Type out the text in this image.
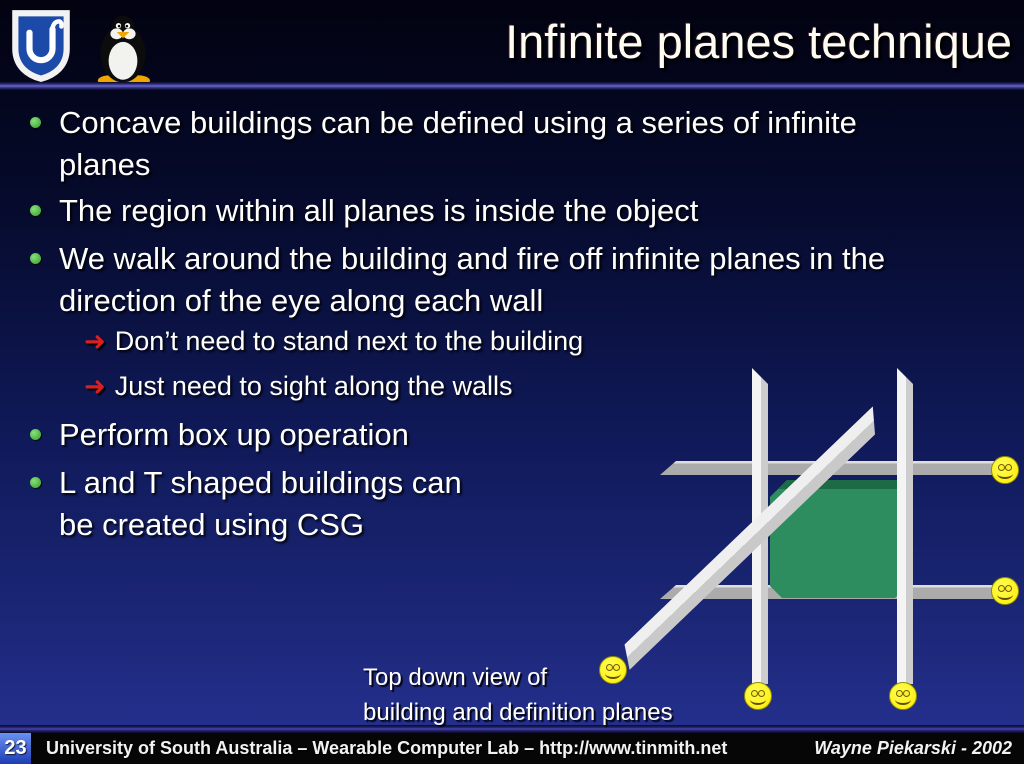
Infinite planes technique
Concave buildings can be defined using a series of infinite planes
The region within all planes is inside the object
We walk around the building and fire off infinite planes in the direction of the eye along each wall
➜ Don’t need to stand next to the building
➜ Just need to sight along the walls
Perform box up operation
L and T shaped buildings can be created using CSG
Top down view of
building and definition planes
23 University of South Australia – Wearable Computer Lab – http://www.tinmith.net	Wayne Piekarski - 2002
